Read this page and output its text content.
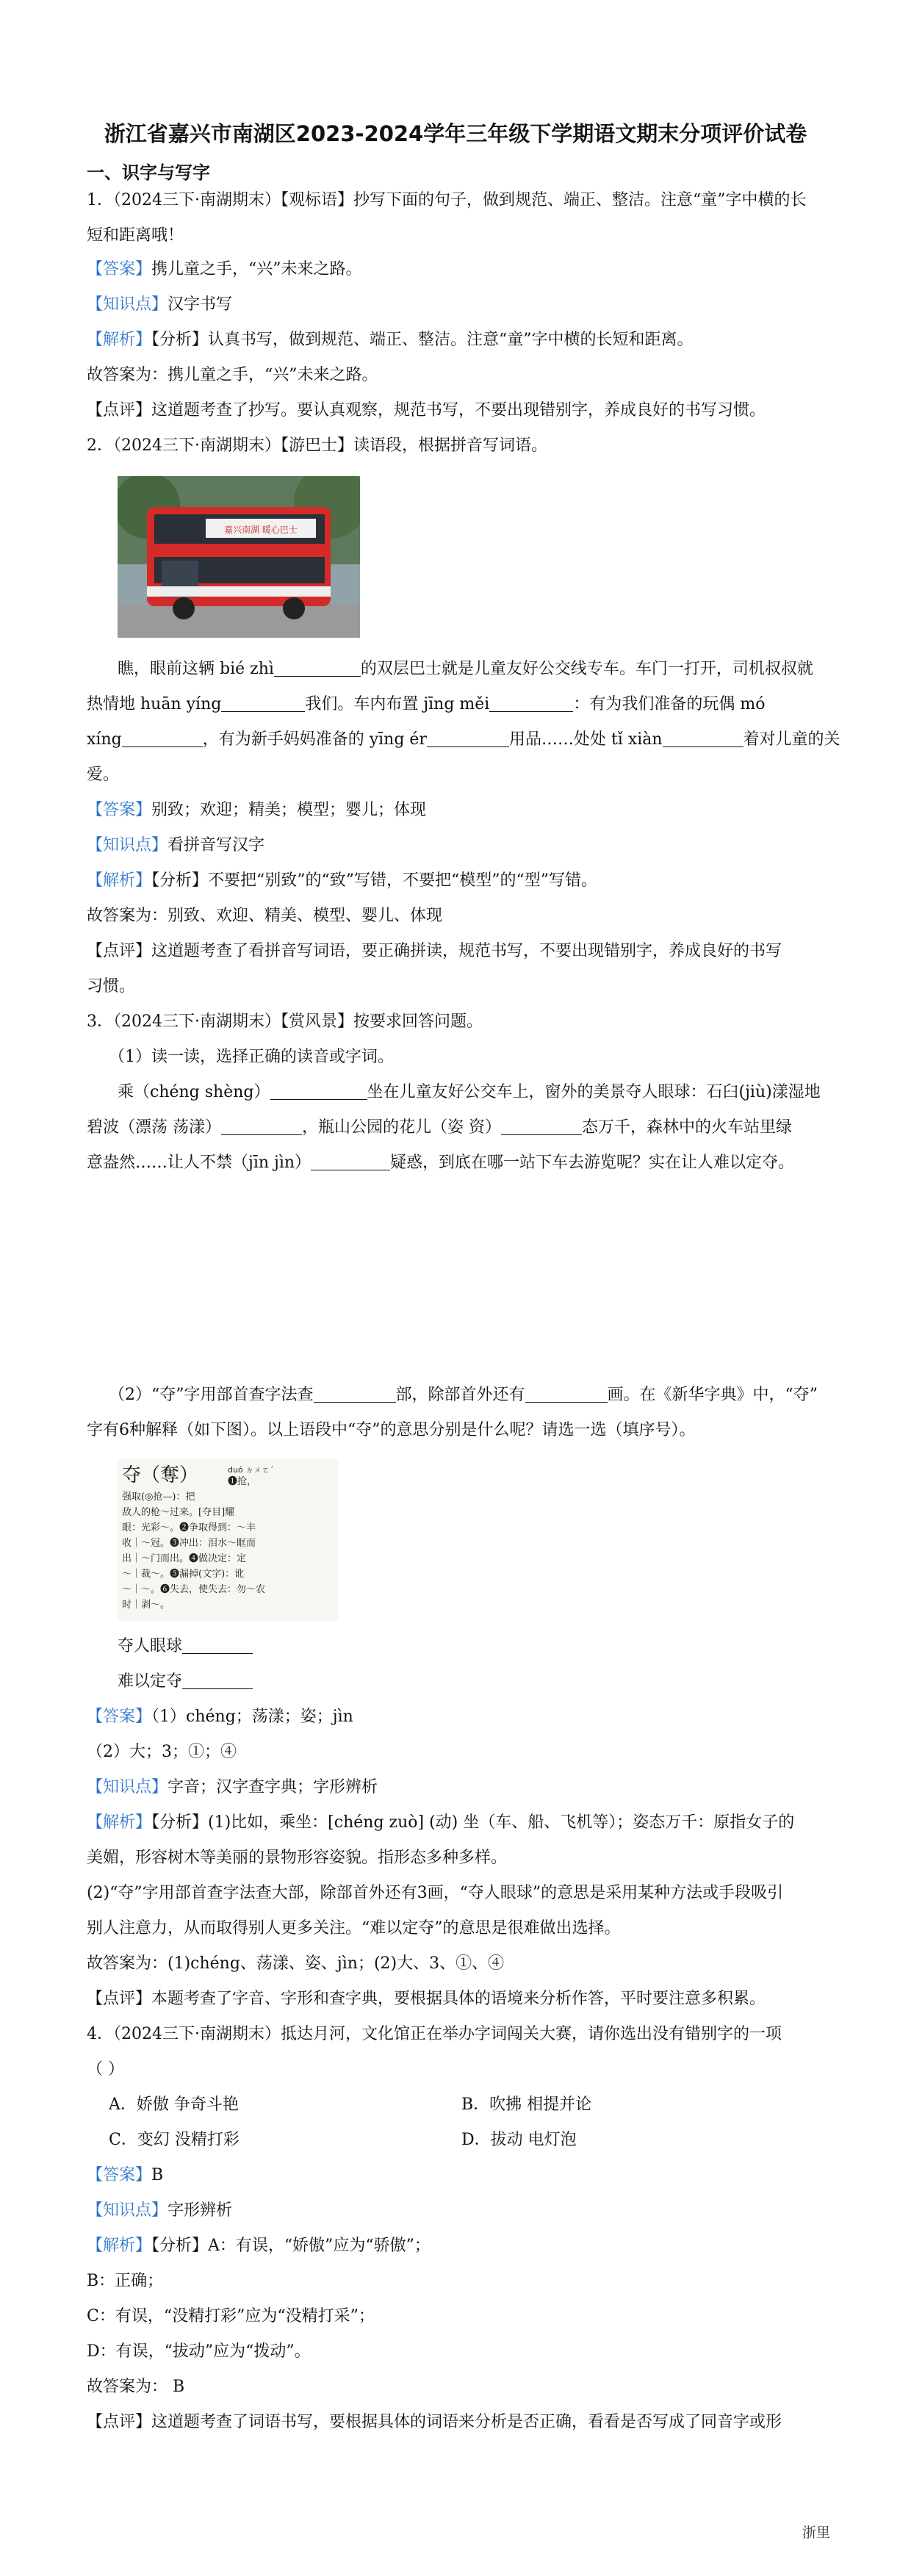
浙江省嘉兴市南湖区2023-2024学年三年级下学期语文期末分项评价试卷
一、识字与写字
1．（2024三下·南湖期末）【观标语】抄写下面的句子，做到规范、端正、整洁。注意“童”字中横的长
短和距离哦！
【答案】携儿童之手，“兴”未来之路。
【知识点】汉字书写
【解析】【分析】认真书写，做到规范、端正、整洁。注意“童”字中横的长短和距离。
故答案为：携儿童之手，“兴”未来之路。
【点评】这道题考查了抄写。要认真观察，规范书写，不要出现错别字，养成良好的书写习惯。
2．（2024三下·南湖期末）【游巴士】读语段，根据拼音写词语。
嘉兴南湖 暖心巴士
瞧，眼前这辆 bié zhì	的双层巴士就是儿童友好公交线专车。车门一打开，司机叔叔就
热情地 huān yíng	我们。车内布置 jīng měi	：有为我们准备的玩偶 mó
xíng	，有为新手妈妈准备的 yīng ér	用品……处处 tǐ xiàn	着对儿童的关
爱。
【答案】别致；欢迎；精美；模型；婴儿；体现
【知识点】看拼音写汉字
【解析】【分析】不要把“别致”的“致”写错，不要把“模型”的“型”写错。
故答案为：别致、欢迎、精美、模型、婴儿、体现
【点评】这道题考查了看拼音写词语，要正确拼读，规范书写，不要出现错别字，养成良好的书写
习惯。
3．（2024三下·南湖期末）【赏风景】按要求回答问题。
（1）读一读，选择正确的读音或字词。
乘（chéng shèng）	坐在儿童友好公交车上，窗外的美景夺人眼球：石臼(jiù)漾湿地
碧波（漂荡 荡漾）	，瓶山公园的花儿（姿 资）	态万千，森林中的火车站里绿
意盎然……让人不禁（jīn jìn）	疑惑，到底在哪一站下车去游览呢？实在让人难以定夺。
（2）“夺”字用部首查字法查	部，除部首外还有	画。在《新华字典》中，“夺”
字有6种解释（如下图）。以上语段中“夺”的意思分别是什么呢？请选一选（填序号）。
夺（奪）	duó ㄉㄨㄛˊ
❶抢，
强取(◎抢—)：把
敌人的枪～过来。[夺目]耀
眼：光彩～。❷争取得到：～丰
收｜～冠。❸冲出：泪水～眶而
出｜～门而出。❹做决定：定
～｜裁～。❺漏掉(文字)：讹
～｜～。❻失去，使失去：勿～农
时｜剥～。
夺人眼球
难以定夺
【答案】（1）chéng；荡漾；姿；jìn
（2）大；3；①；④
【知识点】字音；汉字查字典；字形辨析
【解析】【分析】(1)比如，乘坐：[chéng zuò] (动) 坐（车、船、飞机等）；姿态万千：原指女子的
美媚，形容树木等美丽的景物形容姿貌。指形态多种多样。
(2)“夺”字用部首查字法查大部，除部首外还有3画，“夺人眼球”的意思是采用某种方法或手段吸引
别人注意力，从而取得别人更多关注。“难以定夺”的意思是很难做出选择。
故答案为：(1)chéng、荡漾、姿、jìn；(2)大、3、①、④
【点评】本题考查了字音、字形和查字典，要根据具体的语境来分析作答，平时要注意多积累。
4．（2024三下·南湖期末）抵达月河，文化馆正在举办字词闯关大赛，请你选出没有错别字的一项
（ ）
A．娇傲 争奇斗艳	B．吹拂 相提并论
C．变幻 没精打彩	D．拔动 电灯泡
【答案】B
【知识点】字形辨析
【解析】【分析】A：有误，“娇傲”应为“骄傲”；
B：正确；
C：有误，“没精打彩”应为“没精打采”；
D：有误，“拔动”应为“拨动”。
故答案为： B
【点评】这道题考查了词语书写，要根据具体的词语来分析是否正确，看看是否写成了同音字或形
浙里
